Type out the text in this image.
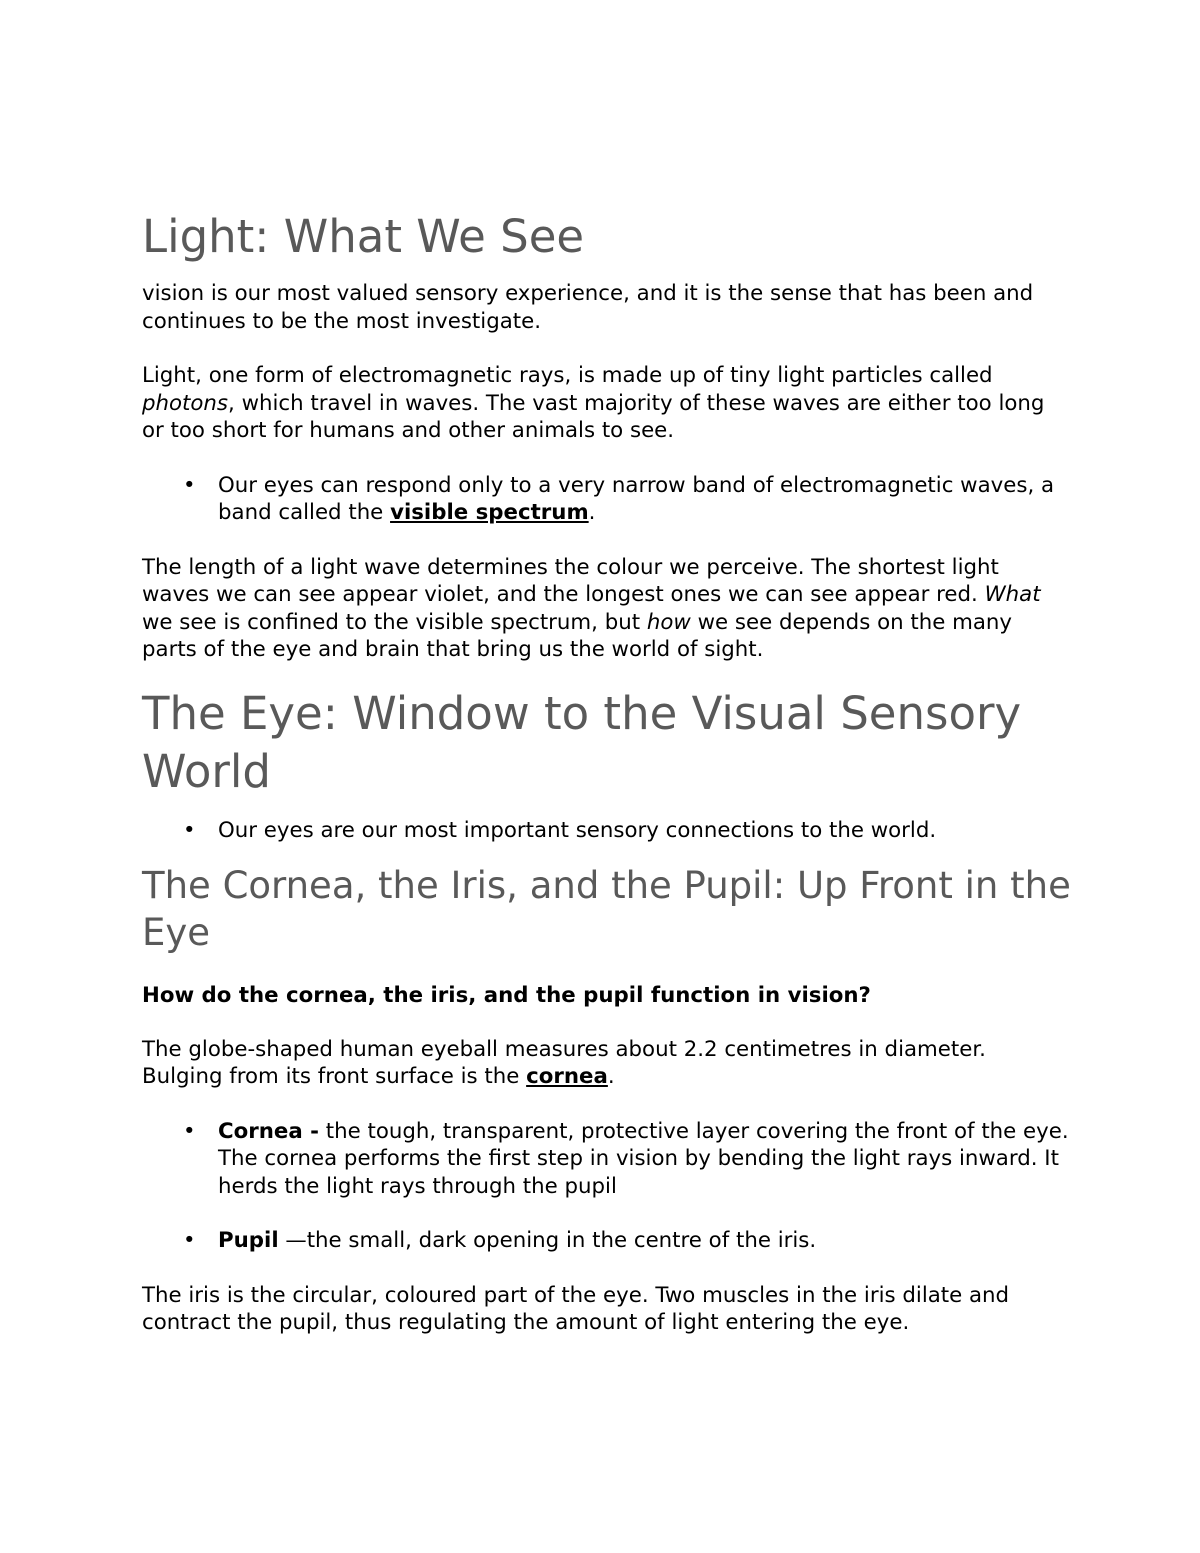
Light: What We See

vision is our most valued sensory experience, and it is the sense that has been and continues to be the most investigate.

Light, one form of electromagnetic rays, is made up of tiny light particles called photons, which travel in waves. The vast majority of these waves are either too long or too short for humans and other animals to see.

• Our eyes can respond only to a very narrow band of electromagnetic waves, a band called the visible spectrum.

The length of a light wave determines the colour we perceive. The shortest light waves we can see appear violet, and the longest ones we can see appear red. What we see is confined to the visible spectrum, but how we see depends on the many parts of the eye and brain that bring us the world of sight.

The Eye: Window to the Visual Sensory World
• Our eyes are our most important sensory connections to the world.
The Cornea, the Iris, and the Pupil: Up Front in the Eye

How do the cornea, the iris, and the pupil function in vision?

The globe-shaped human eyeball measures about 2.2 centimetres in diameter. Bulging from its front surface is the cornea.

• Cornea - the tough, transparent, protective layer covering the front of the eye. The cornea performs the first step in vision by bending the light rays inward. It herds the light rays through the pupil
• Pupil —the small, dark opening in the centre of the iris.

The iris is the circular, coloured part of the eye. Two muscles in the iris dilate and contract the pupil, thus regulating the amount of light entering the eye.
